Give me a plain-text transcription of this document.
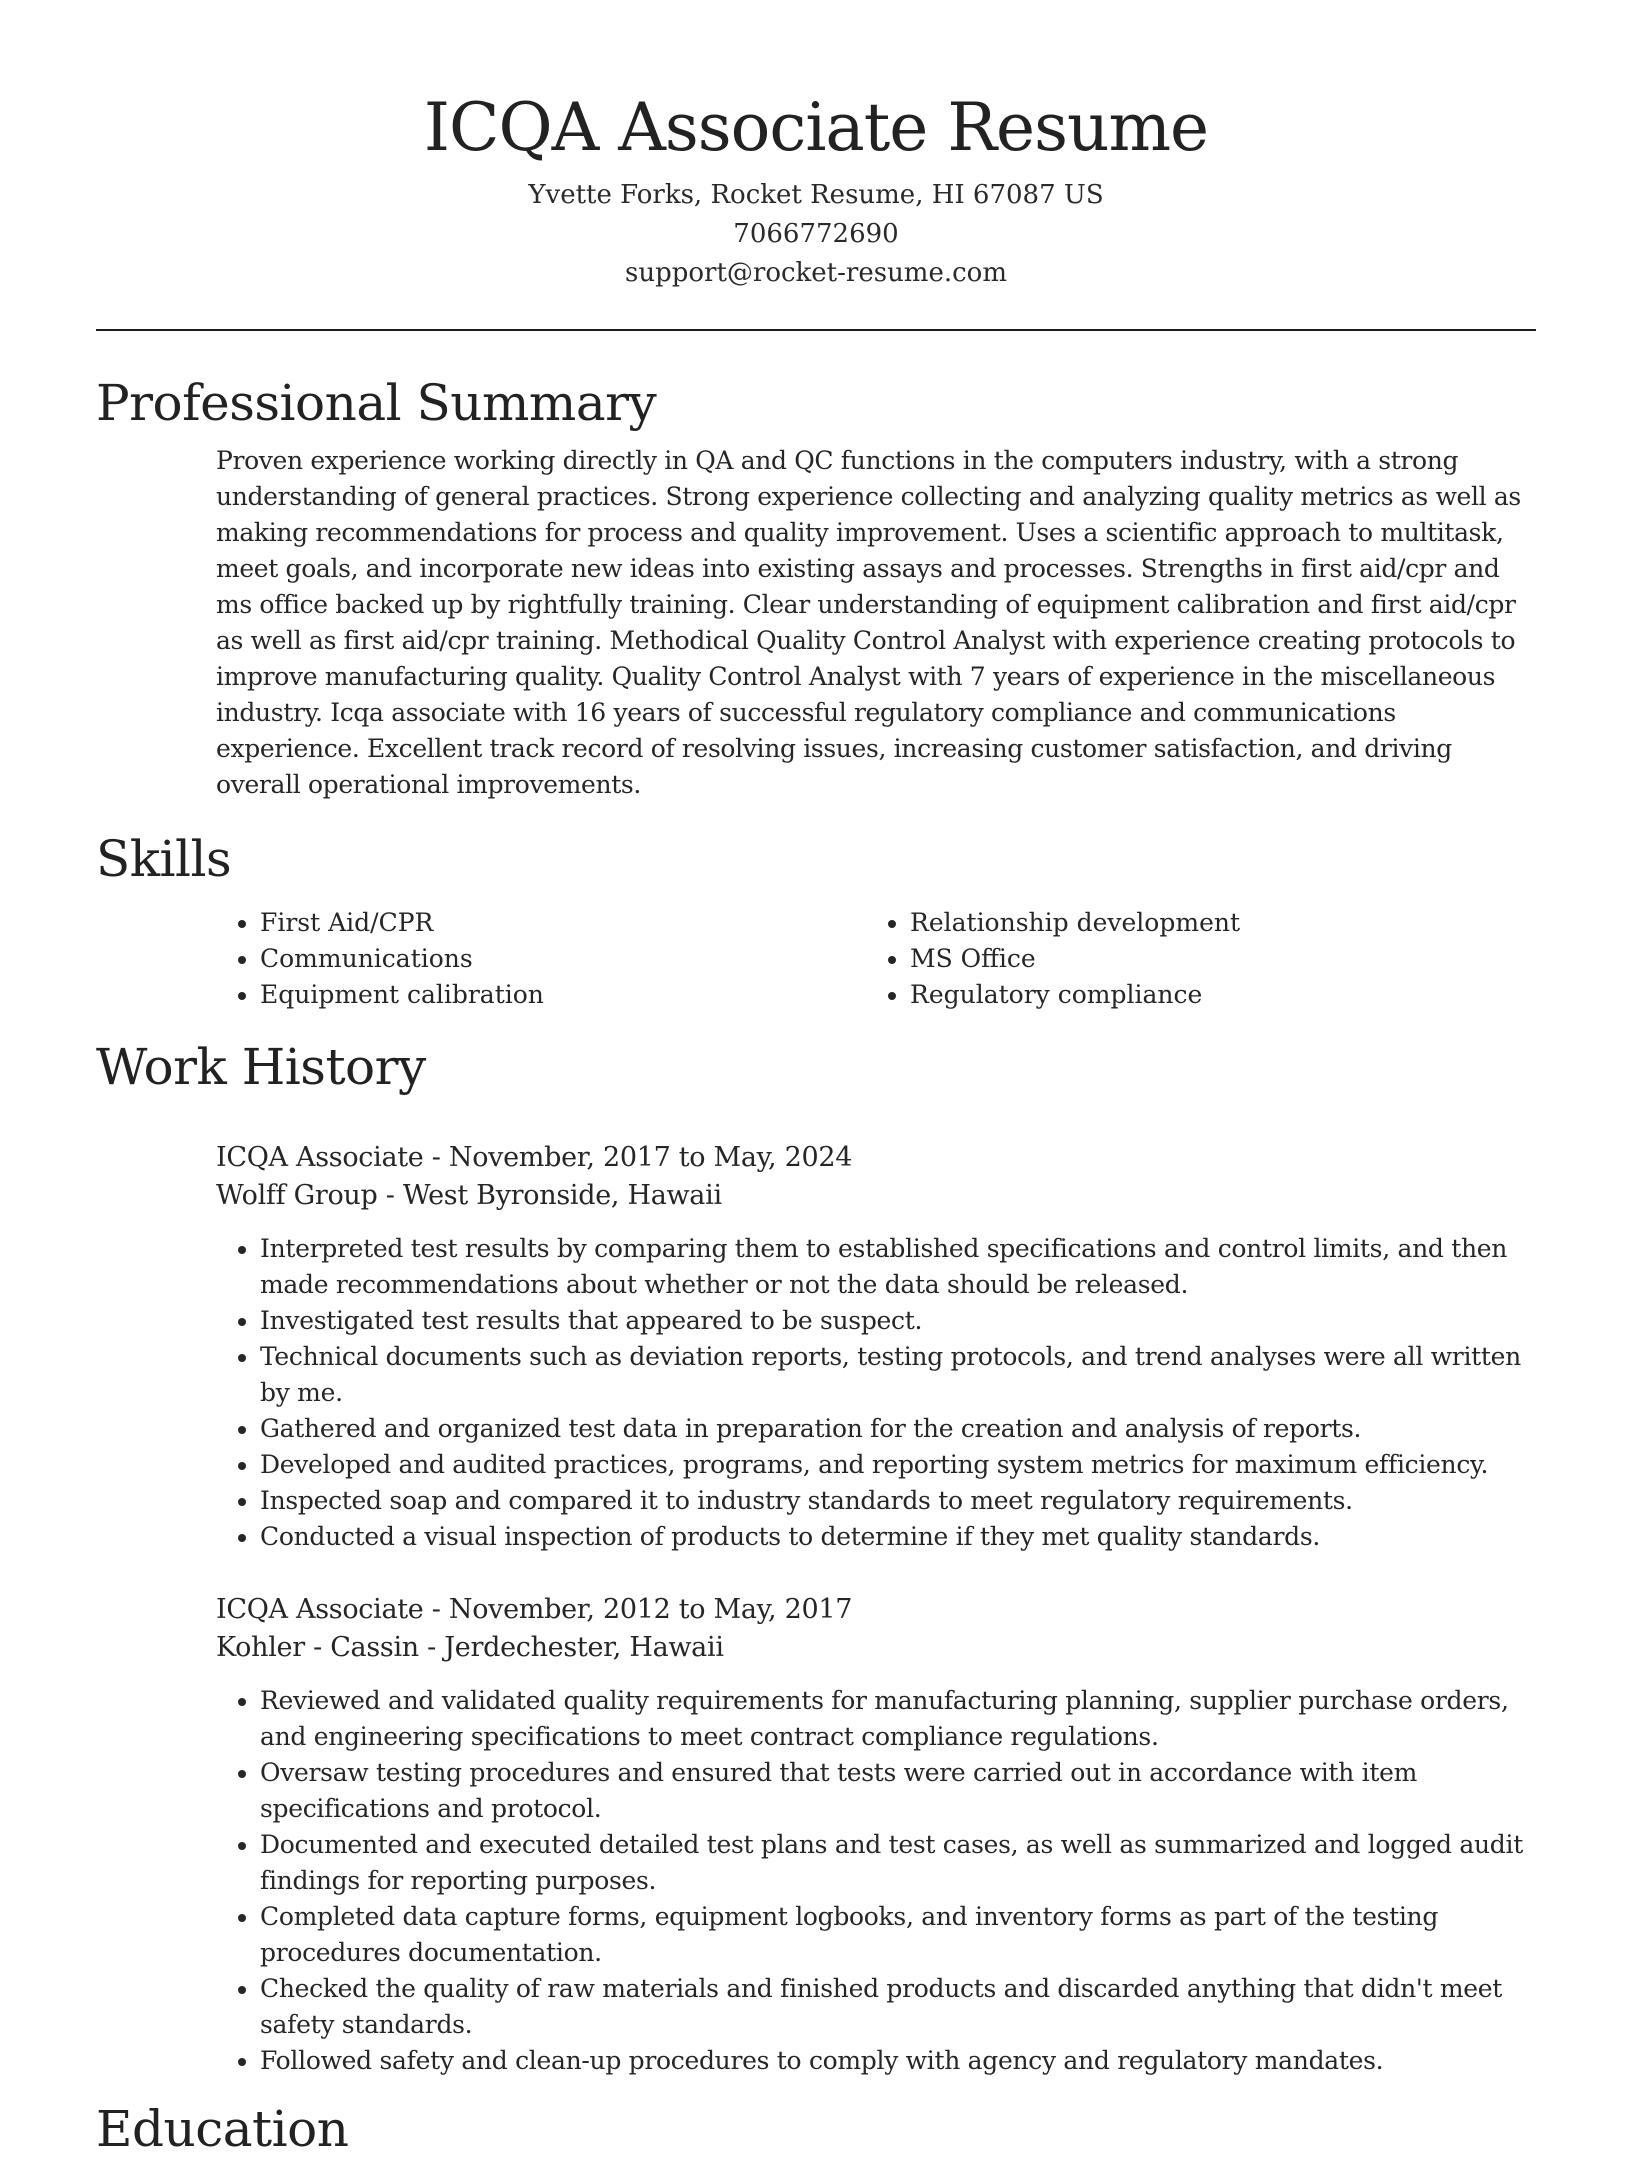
ICQA Associate Resume
Yvette Forks, Rocket Resume, HI 67087 US
7066772690
support@rocket-resume.com
Professional Summary

Proven experience working directly in QA and QC functions in the computers industry, with a strong understanding of general practices. Strong experience collecting and analyzing quality metrics as well as making recommendations for process and quality improvement. Uses a scientific approach to multitask, meet goals, and incorporate new ideas into existing assays and processes. Strengths in first aid/cpr and ms office backed up by rightfully training. Clear understanding of equipment calibration and first aid/cpr as well as first aid/cpr training. Methodical Quality Control Analyst with experience creating protocols to improve manufacturing quality. Quality Control Analyst with 7 years of experience in the miscellaneous industry. Icqa associate with 16 years of successful regulatory compliance and communications experience. Excellent track record of resolving issues, increasing customer satisfaction, and driving overall operational improvements.

Skills
• First Aid/CPR
• Communications
• Equipment calibration
• Relationship development
• MS Office
• Regulatory compliance
Work History
ICQA Associate - November, 2017 to May, 2024
Wolff Group - West Byronside, Hawaii
• Interpreted test results by comparing them to established specifications and control limits, and then made recommendations about whether or not the data should be released.
• Investigated test results that appeared to be suspect.
• Technical documents such as deviation reports, testing protocols, and trend analyses were all written by me.
• Gathered and organized test data in preparation for the creation and analysis of reports.
• Developed and audited practices, programs, and reporting system metrics for maximum efficiency.
• Inspected soap and compared it to industry standards to meet regulatory requirements.
• Conducted a visual inspection of products to determine if they met quality standards.
ICQA Associate - November, 2012 to May, 2017
Kohler - Cassin - Jerdechester, Hawaii
• Reviewed and validated quality requirements for manufacturing planning, supplier purchase orders, and engineering specifications to meet contract compliance regulations.
• Oversaw testing procedures and ensured that tests were carried out in accordance with item specifications and protocol.
• Documented and executed detailed test plans and test cases, as well as summarized and logged audit findings for reporting purposes.
• Completed data capture forms, equipment logbooks, and inventory forms as part of the testing procedures documentation.
• Checked the quality of raw materials and finished products and discarded anything that didn't meet safety standards.
• Followed safety and clean-up procedures to comply with agency and regulatory mandates.
Education
